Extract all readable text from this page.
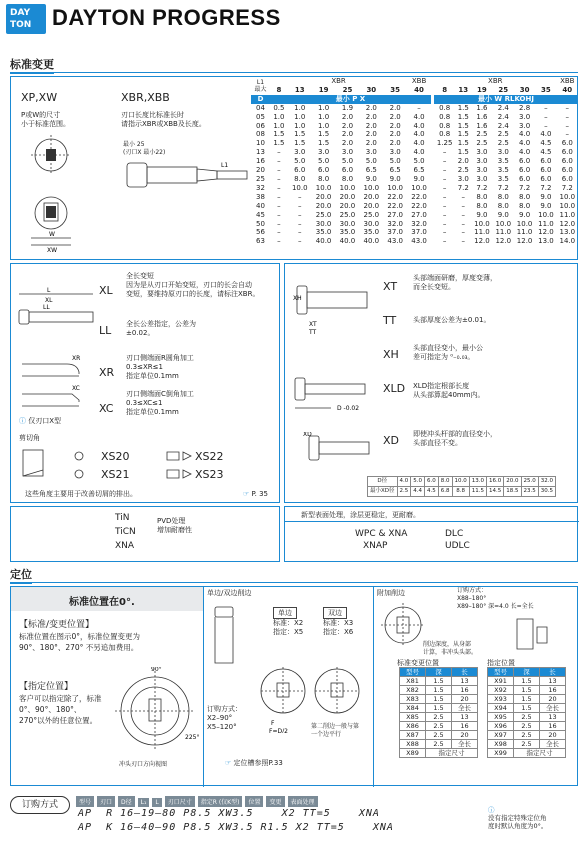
DAY
TON DAYTON PROGRESS
标准变更
XP,XW
P或W的尺寸
小于标准范围。
W
XW
XBR,XBB
刃口长度比标准长时
请指示XBR或XBB及长度。
最小 25
(刃口X 最小22)
L1
L1
最大	XBR						XBB
	8	13	19	25	30	35	40
D	最小 P X						
04	0.5	1.0	1.0	1.9	2.0	2.0	–
05	1.0	1.0	1.0	2.0	2.0	2.0	4.0
06	1.0	1.0	1.0	2.0	2.0	2.0	4.0
08	1.5	1.5	1.5	2.0	2.0	2.0	4.0
10	1.5	1.5	1.5	2.0	2.0	2.0	4.0
13	–	3.0	3.0	3.0	3.0	3.0	4.0
16	–	5.0	5.0	5.0	5.0	5.0	5.0
20	–	6.0	6.0	6.0	6.5	6.5	6.5
25	–	8.0	8.0	8.0	9.0	9.0	9.0
32	–	10.0	10.0	10.0	10.0	10.0	10.0
38	–	–	20.0	20.0	20.0	22.0	22.0
40	–	–	20.0	20.0	20.0	22.0	22.0
45	–	–	25.0	25.0	25.0	27.0	27.0
50	–	–	30.0	30.0	30.0	32.0	32.0
56	–	–	35.0	35.0	35.0	37.0	37.0
63	–	–	40.0	40.0	40.0	43.0	43.0
XBR						XBB
8	13	19	25	30	35	40
最小 W RLKOHJ						
0.8	1.5	1.6	2.4	2.8	–	–
0.8	1.5	1.6	2.4	3.0	–	–
0.8	1.5	1.6	2.4	3.0	–	–
0.8	1.5	2.5	2.5	4.0	4.0	–
1.25	1.5	2.5	2.5	4.0	4.5	6.0
–	1.5	3.0	3.0	4.0	4.5	6.0
–	2.0	3.0	3.5	6.0	6.0	6.0
–	2.5	3.0	3.5	6.0	6.0	6.0
–	3.0	3.0	3.5	6.0	6.0	6.0
–	7.2	7.2	7.2	7.2	7.2	7.2
–	–	8.0	8.0	8.0	9.0	10.0
–	–	8.0	8.0	8.0	9.0	10.0
–	–	9.0	9.0	9.0	10.0	11.0
–	–	10.0	10.0	10.0	11.0	12.0
–	–	11.0	11.0	11.0	12.0	13.0
–	–	12.0	12.0	12.0	13.0	14.0
L
XL
LL
XL
全长变短
因为是从刃口开始变短，刃口的长会自动
变短，要维持原刃口的长度，请标注XBR。
LL 全长公差指定，公差为
±0.02。
XR
XC
XR
刃口侧端面R圆角加工
0.3≤XR≤1
指定单位0.1mm
XC
刃口侧端面C倒角加工
0.3≤XC≤1
指定单位0.1mm
ⓘ 仅刃口X型
剪切角
XS20
XS21
XS22
XS23
这些角度主要用于改善切屑的排出。	☞ P. 35
XH
XT
TT
XT
头部端面研磨，厚度变薄，
而全长变短。
TT 头部厚度公差为±0.01。
XH 头部直径变小，最小公
差可指定为 ⁰₋₀.₀₃。
D -0.02
XLD XLD指定根部长度
从头部算起40mm内。
XD	XD 即使冲头杆部的直径变小，
头部直径不变。
D径	4.0	5.0	6.0	8.0	10.0	13.0	16.0	20.0	25.0	32.0
最小XD径	2.5	4.4	4.5	6.8	8.8	11.5	14.5	18.5	23.5	30.5
TiN
TiCN
XNA
PVD处理
增加耐磨性
新型表面处理，涂层更稳定，更耐磨。
WPC & XNA	DLC
XNAP	UDLC
定位
标准位置在0°.
【标准/变更位置】
标准位置在图示0°，标准位置变更为
90°、180°、270° 不另追加费用。
【指定位置】
客户可以指定除了，标准
0°、90°、180°、
270°以外的任意位置。
90°
225°
冲头刃口方向视图
单边/双边削边
单边	双边
标准：X2
指定：X5
标准：X3
指定：X6
F
F=D/2
订购方式：
X2–90°
X5–120°	第二削边一般与第
一个边平行
☞ 定位槽参照P.33
附加削边	订购方式：
X88–180°
X89–180° 深=4.0 长=全长
削边深度，从身部
计算，非冲头头部。
标准变更位置	指定位置
型号	深	长
X81	1.5	13
X82	1.5	16
X83	1.5	20
X84	1.5	全长
X85	2.5	13
X86	2.5	16
X87	2.5	20
X88	2.5	全长
X89	指定尺寸	
型号	深	长
X91	1.5	13
X92	1.5	16
X93	1.5	20
X94	1.5	全长
X95	2.5	13
X96	2.5	16
X97	2.5	20
X98	2.5	全长
X99	指定尺寸	
订购方式	型号 刃口 D径 L₁ L 刃口尺寸 指定R (仅K型) 位置 变更 表面处理
AP  R 16–19–80 P8.5 XW3.5    X2 TT=5    XNA
AP  K 16–40–90 P8.5 XW3.5 R1.5 X2 TT=5    XNA

ⓘ
没有指定特殊定位角
度时默认角度为0°。
